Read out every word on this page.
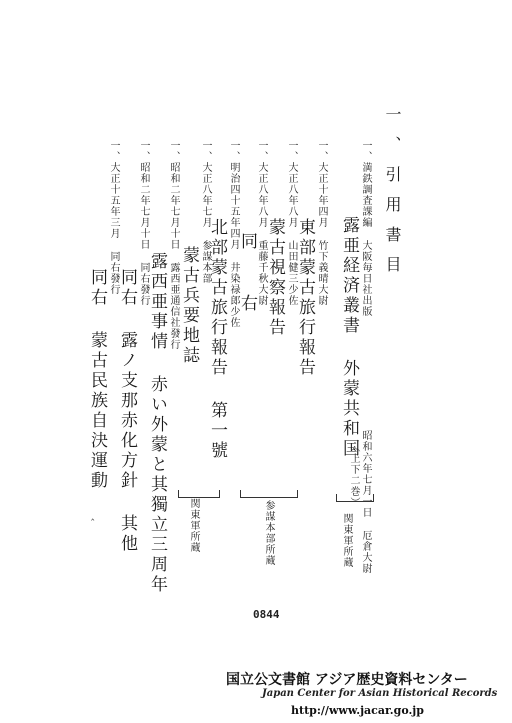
一、引用書目
一、満鉄調査課編 大阪毎日社出版
露亜経済叢書 外蒙共和国
（上下二巻） 昭和六年七月一日 厄倉大尉
関東軍所蔵
一、大正十年四月 竹下義晴大尉
東部蒙古旅行報告
一、大正八年八月 山田健三少佐
蒙古視察報告
一、大正八年八月 重藤千秋大尉
同
右
参謀本部所蔵
一、明治四十五年四月 井染禄郎少佐
北部蒙古旅行報告 第一號
一、大正八年七月 参謀本部
蒙古兵要地誌
関東軍所蔵
一、昭和二年七月十日 露西亜通信社發行
露西亜事情 赤い外蒙と其獨立三周年
一、昭和二年七月十日 同右發行
同右 露ノ支那赤化方針 其他
一、大正十五年三月 同右發行
同右 蒙古民族自決運動
‸
0844
国立公文書館 アジア歴史資料センター
Japan Center for Asian Historical Records
http://www.jacar.go.jp
